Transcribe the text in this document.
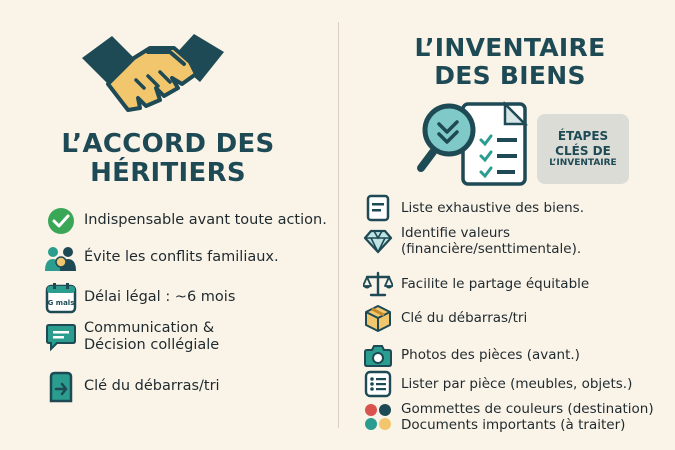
L’ACCORD DES
HÉRITIERS
Indispensable avant toute action.
Évite les conflits familiaux.
G mals Délai légal : ~6 mois
Communication &
Décision collégiale
Clé du débarras/tri
L’INVENTAIRE
DES BIENS
ÉTAPES
CLÉS DE
L’INVENTAIRE
Liste exhaustive des biens.
Identifie valeurs
(financière/senttimentale).
Facilite le partage équitable
Clé du débarras/tri
Photos des pièces (avant.)
Lister par pièce (meubles, objets.)
Gommettes de couleurs (destination)
Documents importants (à traiter)
